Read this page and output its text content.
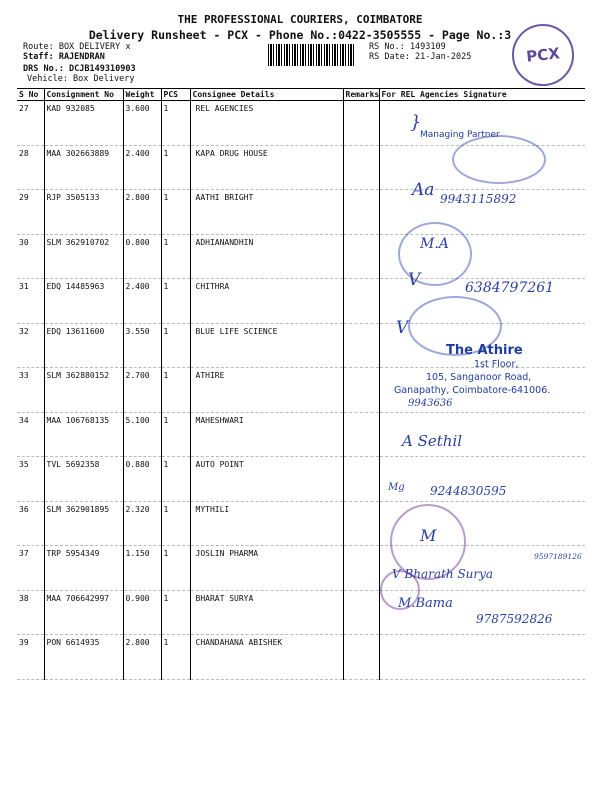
THE PROFESSIONAL COURIERS, COIMBATORE
Delivery Runsheet - PCX - Phone No.:0422-3505555 - Page No.:3
Route: BOX DELIVERY x
Staff: RAJENDRAN
DRS No.: DCJB149310903
Vehicle: Box Delivery
RS No.: 1493109
RS Date: 21-Jan-2025	PCX
S No	Consignment No	Weight	PCS	Consignee Details	Remarks	For REL Agencies Signature
27	KAD 932085	3.600	1	REL AGENCIES		
28	MAA 302663889	2.400	1	KAPA DRUG HOUSE		
29	RJP 3505133	2.800	1	AATHI BRIGHT		
30	SLM 362910702	0.800	1	ADHIANANDHIN		
31	EDQ 14485963	2.400	1	CHITHRA		
32	EDQ 13611600	3.550	1	BLUE LIFE SCIENCE		
33	SLM 362880152	2.700	1	ATHIRE		
34	MAA 106768135	5.100	1	MAHESHWARI		
35	TVL 5692358	0.880	1	AUTO POINT		
36	SLM 362901895	2.320	1	MYTHILI		
37	TRP 5954349	1.150	1	JOSLIN PHARMA		
38	MAA 706642997	0.900	1	BHARAT SURYA		
39	PON 6614935	2.800	1	CHANDAHANA ABISHEK		
}
Managing Partner
Aa 9943115892
M.A
V	6384797261
V
The Athire
1st Floor,
105, Sanganoor Road,
Ganapathy, Coimbatore-641006.
9943636
A Sethil
Mg 9244830595
M
V Bharath Surya
9597189126
M.Bama
9787592826
